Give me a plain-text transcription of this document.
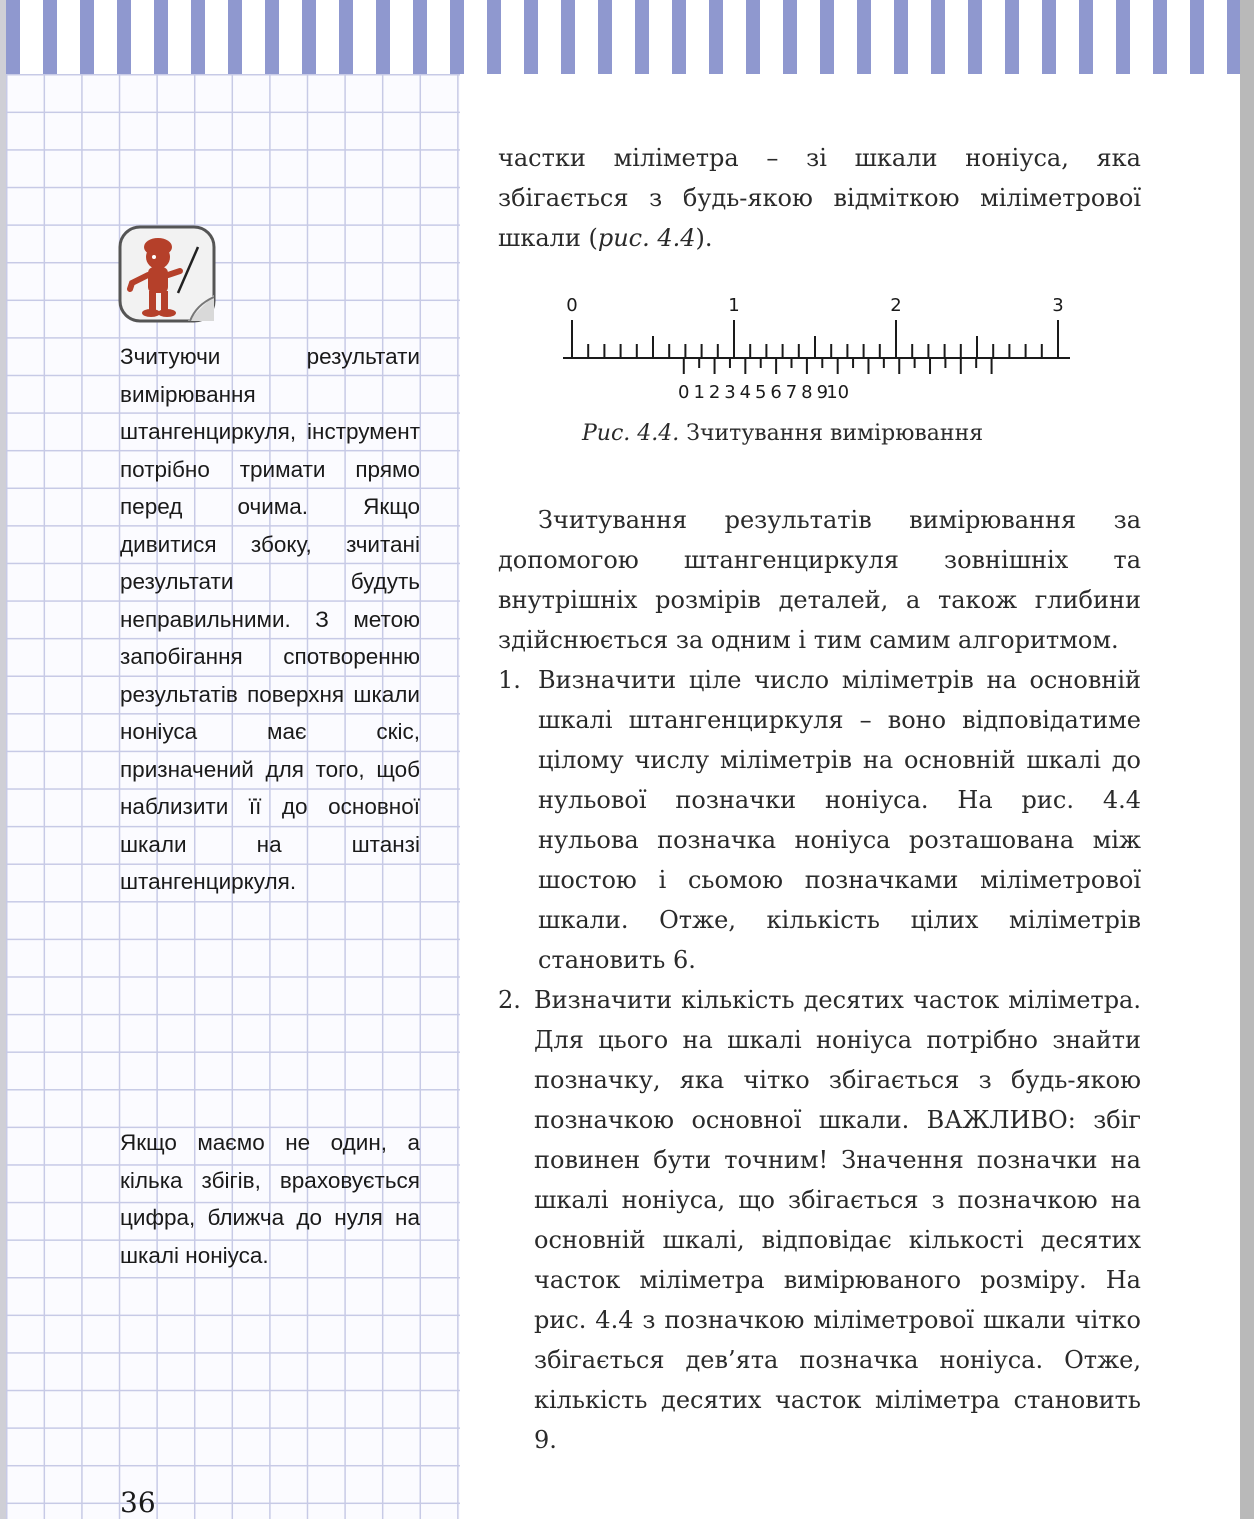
Зчитуючи результати вимірювання штангенциркуля, інструмент потрібно тримати прямо перед очима. Якщо дивитися збоку, зчитані результати будуть неправильними. З метою запобігання спотворенню результатів поверхня шкали ноніуса має скіс, призначений для того, щоб наблизити її до основної шкали на штанзі штангенциркуля.

Якщо маємо не один, а кілька збігів, враховується цифра, ближча до нуля на шкалі ноніуса.

36

частки міліметра – зі шкали ноніуса, яка збігається з будь-якою відміткою міліметрової шкали (рис. 4.4).

0	1	2	3
0 1 2 3 4 5 6 7 8 9
10

Рис. 4.4. Зчитування вимірювання

Зчитування результатів вимірювання за допомогою штангенциркуля зовнішніх та внутрішніх розмірів деталей, а також глибини здійснюється за одним і тим самим алгоритмом.

1. Визначити ціле число міліметрів на основній шкалі штангенциркуля – воно відповідатиме цілому числу міліметрів на основній шкалі до нульової позначки ноніуса. На рис. 4.4 нульова позначка ноніуса розташована між шостою і сьомою позначками міліметрової шкали. Отже, кількість цілих міліметрів становить 6.
2. Визначити кількість десятих часток міліметра. Для цього на шкалі ноніуса потрібно знайти позначку, яка чітко збігається з будь-якою позначкою основної шкали. ВАЖЛИВО: збіг повинен бути точним! Значення позначки на шкалі ноніуса, що збігається з позначкою на основній шкалі, відповідає кількості десятих часток міліметра вимірюваного розміру. На рис. 4.4 з позначкою міліметрової шкали чітко збігається дев’ята позначка ноніуса. Отже, кількість десятих часток міліметра становить 9.
